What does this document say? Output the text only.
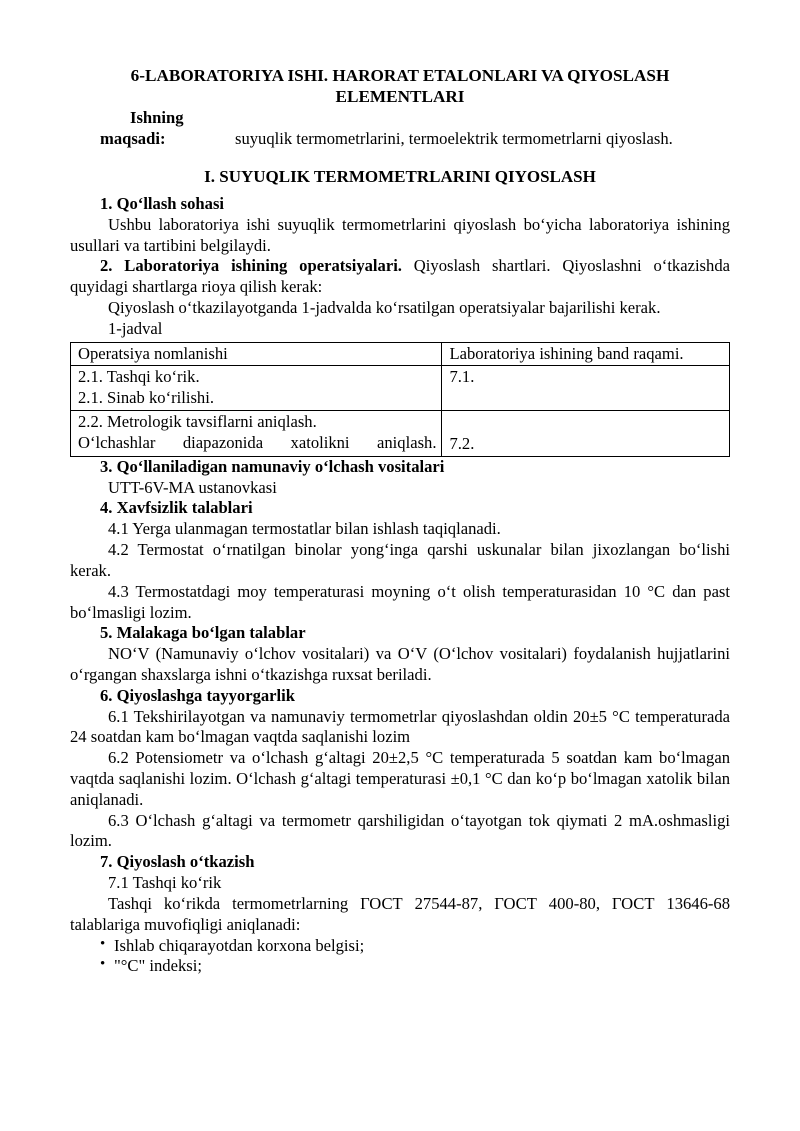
6-LABORATORIYA ISHI. HARORAT ETALONLARI VA QIYOSLASH ELEMENTLARI

Ishning maqsadi:	suyuqlik termometrlarini, termoelektrik termometrlarni qiyoslash.

I. SUYUQLIK TERMOMETRLARINI QIYOSLASH

1. Qo‘llash sohasi

Ushbu laboratoriya ishi suyuqlik termometrlarini qiyoslash bo‘yicha laboratoriya ishining usullari va tartibini belgilaydi.

2. Laboratoriya ishining operatsiyalari. Qiyoslash shartlari. Qiyoslashni o‘tkazishda quyidagi shartlarga rioya qilish kerak:

Qiyoslash o‘tkazilayotganda 1-jadvalda ko‘rsatilgan operatsiyalar bajarilishi kerak.

1-jadval
Operatsiya nomlanishi	Laboratoriya ishining band raqami.

2.1. Tashqi ko‘rik.
2.1. Sinab ko‘rilishi.	7.1.

2.2. Metrologik tavsiflarni aniqlash.
O‘lchashlar diapazonida xatolikni aniqlash.	7.2.

3. Qo‘llaniladigan namunaviy o‘lchash vositalari

UTT-6V-MA ustanovkasi

4. Xavfsizlik talablari

4.1 Yerga ulanmagan termostatlar bilan ishlash taqiqlanadi.

4.2 Termostat o‘rnatilgan binolar yong‘inga qarshi uskunalar bilan jixozlangan bo‘lishi kerak.

4.3 Termostatdagi moy temperaturasi moyning o‘t olish temperaturasidan 10 °C dan past bo‘lmasligi lozim.

5. Malakaga bo‘lgan talablar

NO‘V (Namunaviy o‘lchov vositalari) va O‘V (O‘lchov vositalari) foydalanish hujjatlarini o‘rgangan shaxslarga ishni o‘tkazishga ruxsat beriladi.

6. Qiyoslashga tayyorgarlik

6.1 Tekshirilayotgan va namunaviy termometrlar qiyoslashdan oldin 20±5 °C temperaturada 24 soatdan kam bo‘lmagan vaqtda saqlanishi lozim

6.2 Potensiometr va o‘lchash g‘altagi 20±2,5 °C temperaturada 5 soatdan kam bo‘lmagan vaqtda saqlanishi lozim. O‘lchash g‘altagi temperaturasi ±0,1 °C dan ko‘p bo‘lmagan xatolik bilan aniqlanadi.

6.3 O‘lchash g‘altagi va termometr qarshiligidan o‘tayotgan tok qiymati 2 mA.oshmasligi lozim.

7. Qiyoslash o‘tkazish

7.1 Tashqi ko‘rik

Tashqi ko‘rikda termometrlarning ГОСТ 27544-87, ГОСТ 400-80, ГОСТ 13646-68 talablariga muvofiqligi aniqlanadi:

• Ishlab chiqarayotdan korxona belgisi;
• "°C" indeksi;
